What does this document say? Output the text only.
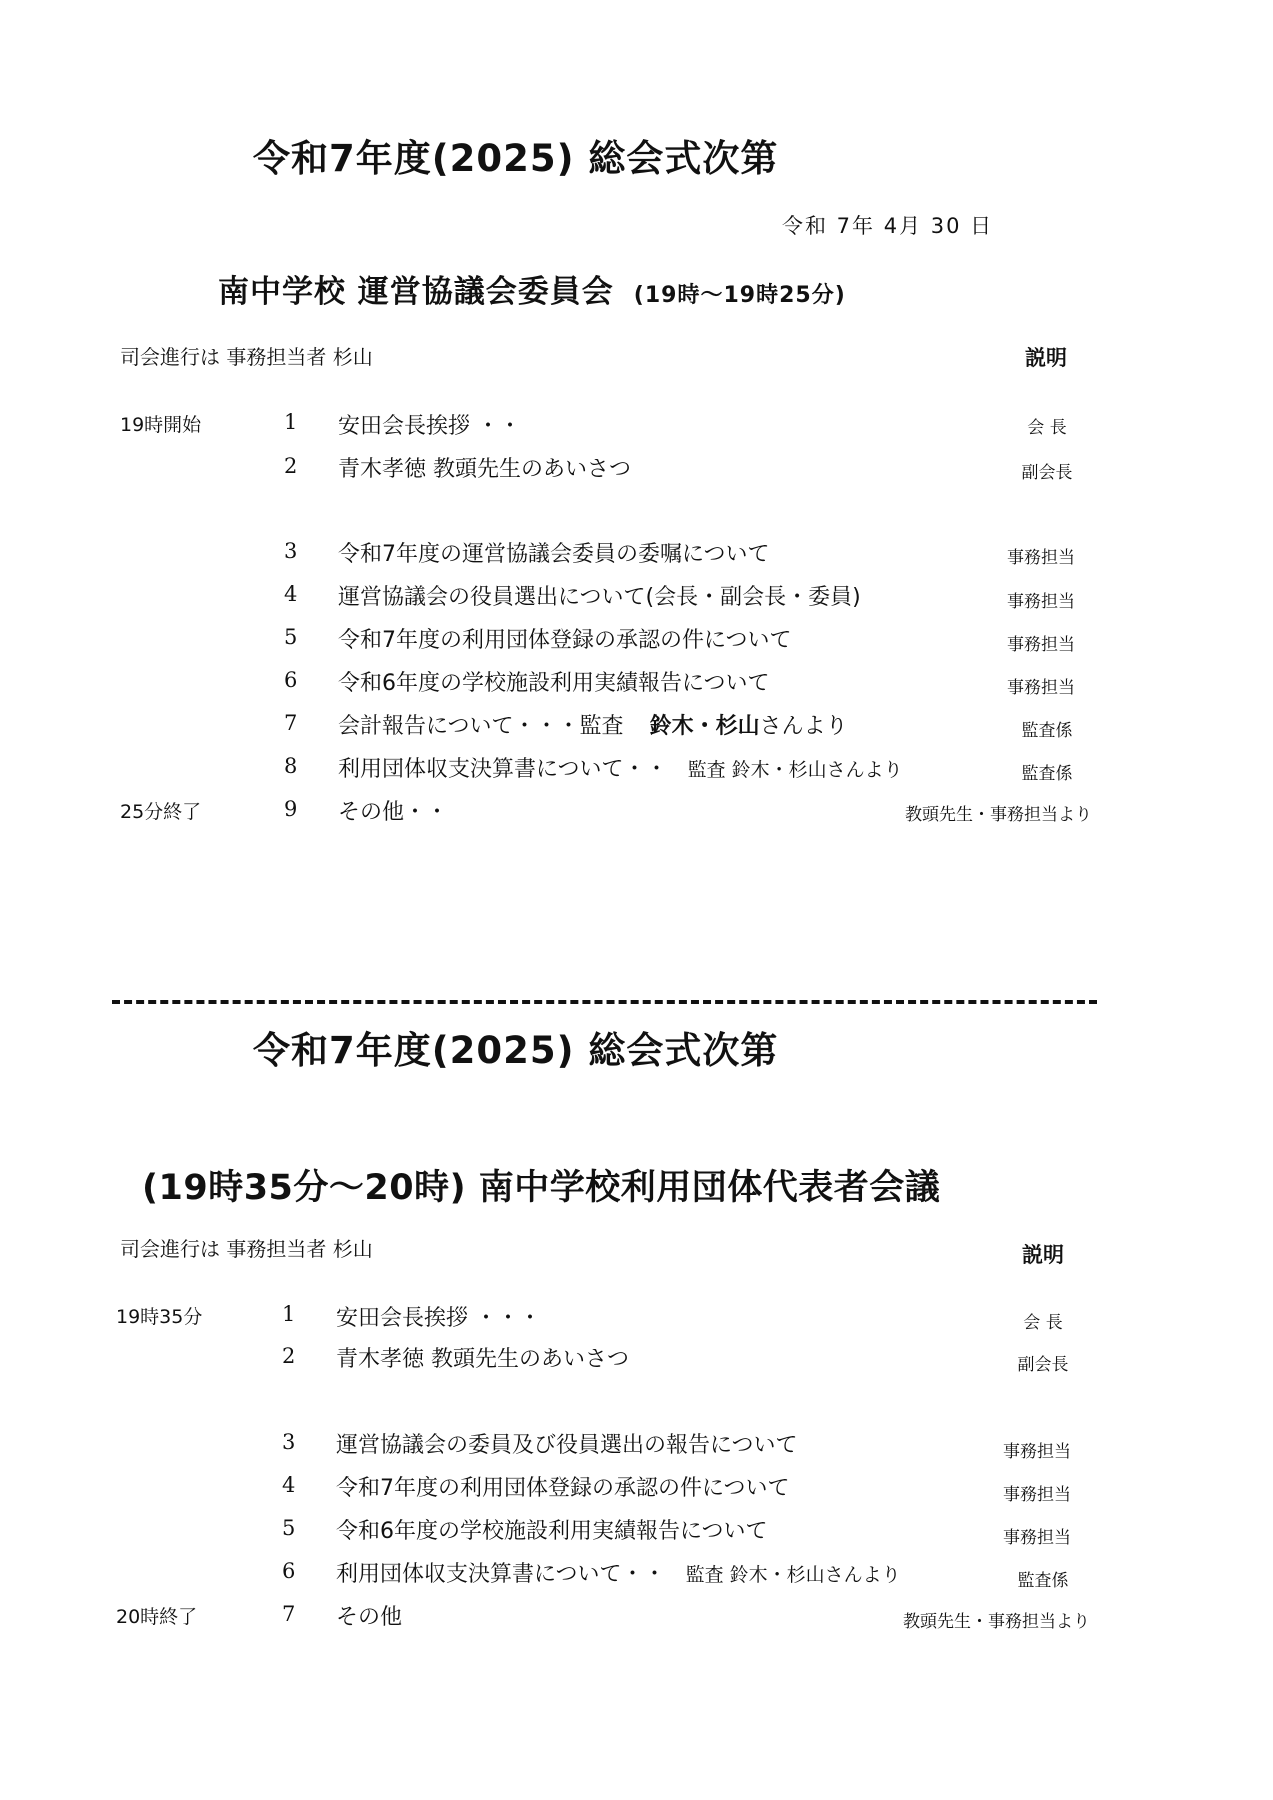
令和7年度(2025) 総会式次第
令和 7年 4月 30 日
南中学校 運営協議会委員会 (19時～19時25分)
司会進行は 事務担当者 杉山	説明
19時開始	1 安田会長挨拶 ・・	会 長
2 青木孝徳 教頭先生のあいさつ	副会長
3 令和7年度の運営協議会委員の委嘱について	事務担当
4 運営協議会の役員選出について(会長・副会長・委員)	事務担当
5 令和7年度の利用団体登録の承認の件について	事務担当
6 令和6年度の学校施設利用実績報告について	事務担当
7 会計報告について・・・監査 鈴木・杉山さんより	監査係
8 利用団体収支決算書について・・ 監査 鈴木・杉山さんより	監査係
25分終了	9 その他・・	教頭先生・事務担当より
令和7年度(2025) 総会式次第
(19時35分～20時) 南中学校利用団体代表者会議
司会進行は 事務担当者 杉山	説明
19時35分	1 安田会長挨拶 ・・・	会 長
2 青木孝徳 教頭先生のあいさつ	副会長
3 運営協議会の委員及び役員選出の報告について	事務担当
4 令和7年度の利用団体登録の承認の件について	事務担当
5 令和6年度の学校施設利用実績報告について	事務担当
6 利用団体収支決算書について・・ 監査 鈴木・杉山さんより	監査係
20時終了	7 その他	教頭先生・事務担当より
